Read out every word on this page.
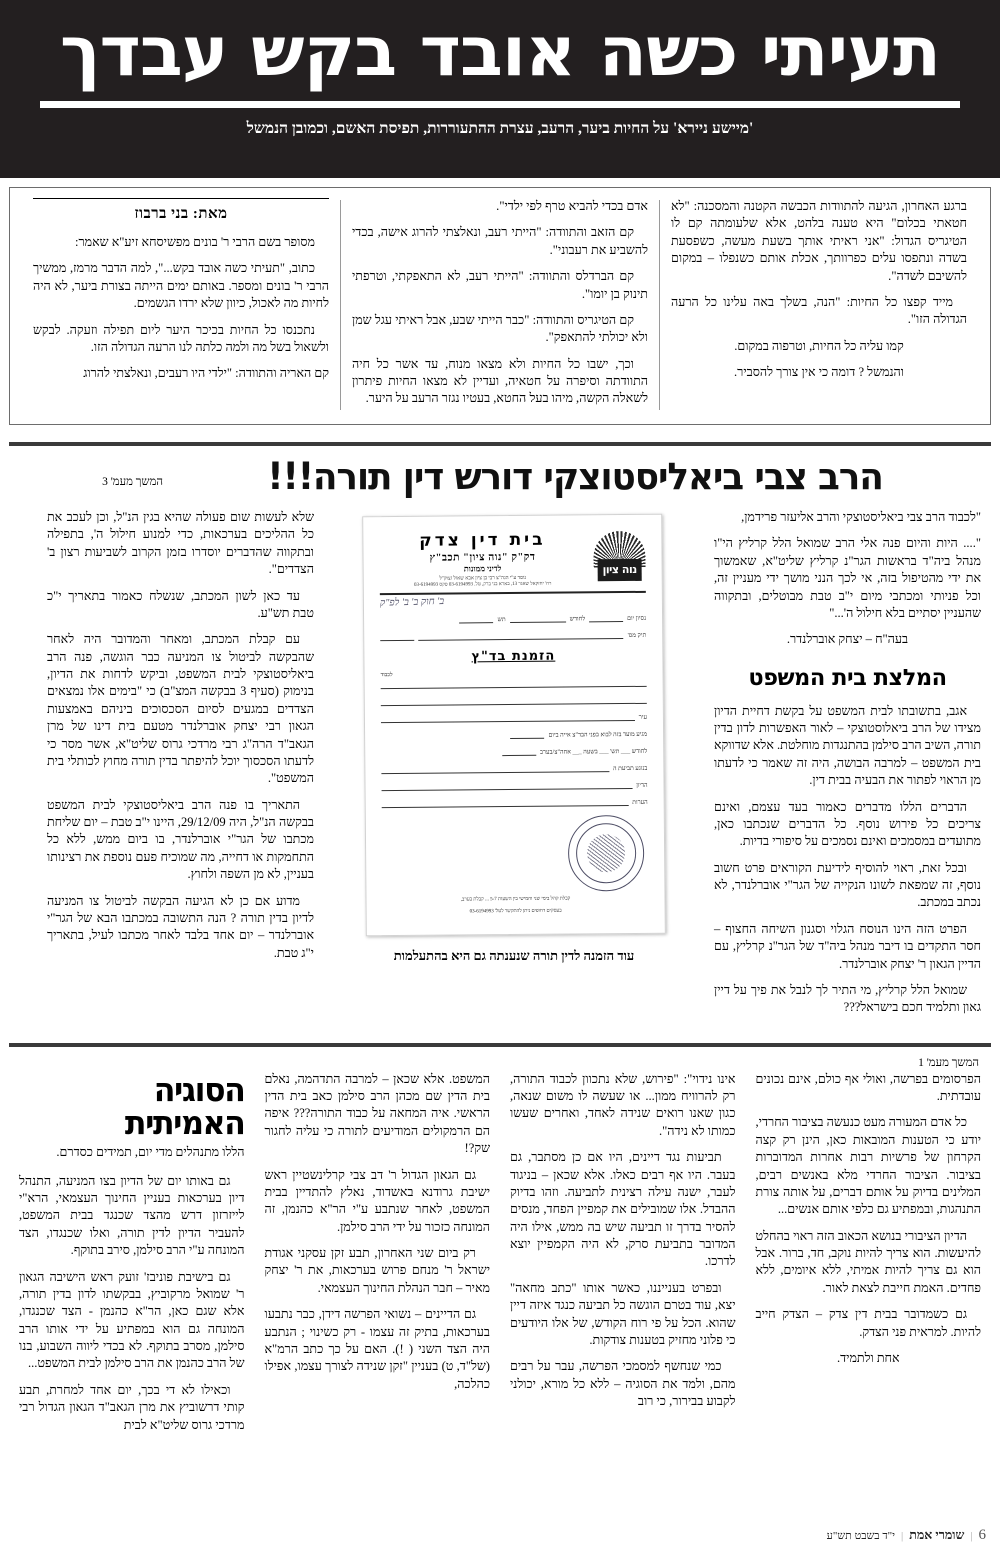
תעיתי כשה אובד בקש עבדך
'מיישע ניירא' על החיות ביער, הרעב, עצרת ההתעוררות, תפיסת האשם, וכמובן הנמשל

ברגע האחרון, הגיעה להתוודות הכבשה הקטנה והמסכנה: "לא חטאתי בכלום" היא טענה בלהט, אלא שלעומתה קם לו הטיגריס הגדול: "אני ראיתי אותך בשעת מעשה, כשפסעת בשדה ונתפסו עלים כפרוותך, אכלת אותם כשנפלו – במקום להשיבם לשדה".

מייד קפצו כל החיות: "הנה, בשלך באה עלינו כל הרעה הגדולה הזו".

קמו עליה כל החיות, וטרפוה במקום.

והנמשל ? דומה כי אין צורך להסביר.

אדם בכדי להביא טרף לפי ילדי".

קם הזאב והתוודה: "הייתי רעב, ונאלצתי להרוג אישה, בכדי להשביע את רעבוני".

קם הברדלס והתוודה: "הייתי רעב, לא התאפקתי, וטרפתי תינוק בן יומו".

קם הטיגריס והתוודה: "כבר הייתי שבע, אבל ראיתי עגל שמן ולא יכולתי להתאפק".

וכך, ישבו כל החיות ולא מצאו מנוח, עד אשר כל חיה התוודתה וסיפרה על חטאיה, ועדיין לא מצאו החיות פיתרון לשאלה הקשה, מיהו בעל החטא, בעטיו נגזר הרעב על היער.

מאת: בני ברבוז

מסופר בשם הרבי ר' בונים מפשיסחא זיע"א שאמר:

כתוב, "תעיתי כשה אובד בקש...", למה הדבר מרמז, ממשיך הרבי ר' בונים ומספר. באותם ימים הייתה בצורת ביער, לא היה לחיות מה לאכול, כיוון שלא ירדו הגשמים.

נתכנסו כל החיות בכיכר היער ליום תפילה וזעקה. לבקש ולשאול בשל מה ולמה כלתה לנו הרעה הגדולה הזו.

קם האריה והתוודה: "ילדי היו רעבים, ונאלצתי להרוג

הרב צבי ביאליסטוצקי דורש דין תורה!!!
המשך מעמ' 3

"לכבוד הרב צבי ביאליסטוצקי והרב אליעזר פרידמן,

".... היות והיום פנה אלי הרב שמואל הלל קרליץ הי"ו מנהל ביה"ד בראשות הגר"נ קרליץ שליט"א, שאמשוך את ידי מהטיפול בזה, אי לכך הנני מושך ידי מעניין זה, וכל פניותי ומכתבי מיום י"ב טבת מבוטלים, ובתקווה שהעניין יסתיים בלא חילול ה'..."

בעה"ח – יצחק אוברלנדר.

המלצת בית המשפט

אגב, בתשובתו לבית המשפט על בקשת דחיית הדיון מצידו של הרב ביאלוסטוצקי – לאור האפשרות לדון בדין תורה, השיב הרב סילמן בהתנגדות מוחלטת. אלא שדווקא בית המשפט – למרבה הבושה, היה זה שאמר כי לדעתו מן הראוי לפתור את הבעיה בבית דין.

הדברים הללו מדברים כאמור בעד עצמם, ואינם צריכים כל פירוש נוסף. כל הדברים שנכתבו כאן, מתועדים במסמכים ואינם נסמכים על סיפורי בדיות.

ובכל זאת, ראוי להוסיף לידיעת הקוראים פרט חשוב נוסף, זה שמפאת לשונו הנקייה של הגר"י אוברלנדר, לא נכתב במכתב.

הפרט הזה הינו הנוסח הגלוי וסגנון השיחה החצוף – חסר התקדים בו דיבר מנהל ביה"ד של הגר"נ קרליץ, עם הדיין הגאון ר' יצחק אוברלנדר.

שמואל הלל קרליץ, מי התיר לך לנבל את פיך על דיין גאון ותלמיד חכם בישראל???

נוה ציון
בית דין צדק
דק"ק "נוה ציון" תכב"ץ
לדיני ממונות
נוסד ע"י הגה"צ רבי בן ציון אבא שאול זצוק"ל
רח' יחזקאל שאגר 13, בארא בני ברק, טל. 03-6194993 פקס 03-6194993
ב' חוק ב' ב' לפ"ק
נסיון יום
לחודש
תש
תיק מס'
הזמנת בד"ץ
לכבוד
עיר
מגיע מועד בזה לבוא בפני הבד"צ אייה ביום
לחודש ___ תש' ___ בשעה ___ אחה"צ/בערב
בנוגע תביעת ה
הדיון
הערות
קבלת קהל בימי שני וחמישי בין השעות 5-7 ... קבלת בערב,
בעסקים דחופים ניתן להתקשר לטל' 03-6194993
עוד הזמנה לדין תורה שנענתה גם היא בהתעלמות

שלא לעשות שום פעולה שהיא בגין הנ"ל, וכן לעכב את כל ההליכים בערכאות, כדי למנוע חילול ה', בתפילה ובתקווה שהדברים יוסדרו בזמן הקרוב לשביעות רצון ב' הצדדים".

עד כאן לשון המכתב, שנשלח כאמור בתאריך י"כ טבת תש"ע.

עם קבלת המכתב, ומאחר והמדובר היה לאחר שהבקשה לביטול צו המניעה כבר הוגשה, פנה הרב ביאליסטוצקי לבית המשפט, וביקש לדחות את הדיון, בנימוק (סעיף 3 בבקשה המצ"ב) כי "בימים אלו נמצאים הצדדים במגעים לסיום הסכסוכים ביניהם באמצעות הגאון רבי יצחק אוברלנדר מטעם בית דינו של מרן הגאב"ד הרה"ג רבי מרדכי גרוס שליט"א, אשר מסר כי לדעתו הסכסוך יוכל להיפתר בדין תורה מחוץ לכותלי בית המשפט".

התאריך בו פנה הרב ביאליסטוצקי לבית המשפט בבקשה הנ"ל, היה 29/12/09, היינו י"ב טבת – יום שליחת מכתבו של הגר"י אוברלנדר, בו ביום ממש, ללא כל התחמקות או דחייה, מה שמוכיח פעם נוספת את רצינותו בעניין, לא מן השפה ולחוץ.

מדוע אם כן לא הגיעה הבקשה לביטול צו המניעה לדיון בדין תורה ? הנה התשובה במכתבו הבא של הגר"י אוברלנדר – יום אחד בלבד לאחר מכתבו לעיל, בתאריך י"ג טבת.

המשך מעמ' 1

הפרסומים בפרשה, ואולי אף כולם, אינם נכונים עובדתית.

כל אדם המעורה מעט כנעשה בציבור החרדי, יודע כי הטענות המובאות כאן, הינן רק קצה הקרחון של פרשיות רבות אחרות המדוברות בציבור. הציבור החרדי מלא באנשים רבים, המלינים בדיוק על אותם דברים, על אותה צורת התנהגות, ובמפתיע גם כלפי אותם אנשים...

הדיון הציבורי בנושא הכאוב הזה ראוי בהחלט להיעשות. הוא צריך להיות נוקב, חד, ברור. אבל הוא גם צריך להיות אמיתי, ללא איומים, ללא פחדים. האמת חייבת לצאת לאור.

גם כשמדובר בבית דין צדק – הצדק חייב להיות. למראית פני הצדק.

אחת ולתמיד.

אינו נידוי": "פירוש, שלא נתכוון לכבוד התורה, רק להרוויח ממון... או שעשה לו משום שנאה, כגון שאנו רואים שנידה לאחד, ואחרים שעשו כמותו לא נידה".

תביעות נגד דיינים, היו אם כן מסתבר, גם בעבר. היו אף רבים כאלו. אלא שכאן – בניגוד לעבר, ישנה עילה רצינית לתביעה. וזהו בדיוק ההבדל. אלו שמובילים את קמפיין הפחד, מנסים להסיר בדרך זו תביעה שיש בה ממש, אילו היה המדובר בתביעת סרק, לא היה הקמפיין יוצא לדרכו.

ובפרט בענייננו, כאשר אותו "כתב מחאה" יצא, עוד בטרם הוגשה כל תביעה כנגד איזה דיין שהוא. הכל על פי רוח הקודש, של אלו היודעים כי פלוני מחזיק בטענות צודקות.

כמי שנחשף למסמכי הפרשה, עבר על רבים מהם, ולמד את הסוגיה – ללא כל מורא, יכולני לקבוע בבירור, כי רוב

המשפט. אלא שכאן – למרבה התדהמה, נאלם בית הדין שם מכהן הרב סילמן כאב בית הדין הראשי. איה המחאה על כבוד התורה??? איפה הם הרמקולים המודיעים לתורה כי עליה לחגור שק?!

גם הגאון הגדול ר' דב צבי קרלינשטיין ראש ישיבת גרודנא באשדוד, נאלץ להתדיין בבית המשפט, לאחר שנתבע ע"י הר"א כהנמן, זה המונחה כזכור על ידי הרב סילמן.

רק ביום שני האחרון, תבע זקן עסקני אגודת ישראל ר' מנחם פרוש בערכאות, את ר' יצחק מאיר – חבר הנהלת החינוך העצמאי.

גם הדיינים – נשואי הפרשה דידן, כבר נתבעו בערכאות, בתיק זה עצמו - רק כשינוי ; הנתבע היה הצד השני ( !). האם על כך כתב הרמ"א (של"ד, ט) בעניין "זקן שנידה לצורך עצמו, אפילו כהלכה,

הסוגיה האמיתית
הללו מתנהלים מדי יום, תמידים כסדרם.

גם באותו יום של הדיון בצו המניעה, התנהל דיון בערכאות בעניין החינוך העצמאי, הרא"י לייזרזון דרש מהצד שכנגד בבית המשפט, להעביר הדיון לדין תורה, ואלו שכנגדו, הצד המונחה ע"י הרב סילמן, סירב בתוקף.

גם בישיבת פוניבז' זועק ראש הישיבה הגאון ר' שמואל מרקוביץ, בבקשתו לדון בדין תורה, אלא שגם כאן, הר"א כהנמן - הצד שכנגדו, המונחה גם הוא במפתיע על ידי אותו הרב סילמן, מסרב בתוקף. לא בכדי ליווה השבוע, בנו של הרב כהנמן את הרב סילמן לבית המשפט...

וכאילו לא די בכך, יום אחד למחרת, תבע קותי דרשוביץ את מרן הגאב"ד הגאון הגדול רבי מרדכי גרוס שליט"א לבית

6
|
שומרי אמת
|
י"ד בשבט תש"ע
